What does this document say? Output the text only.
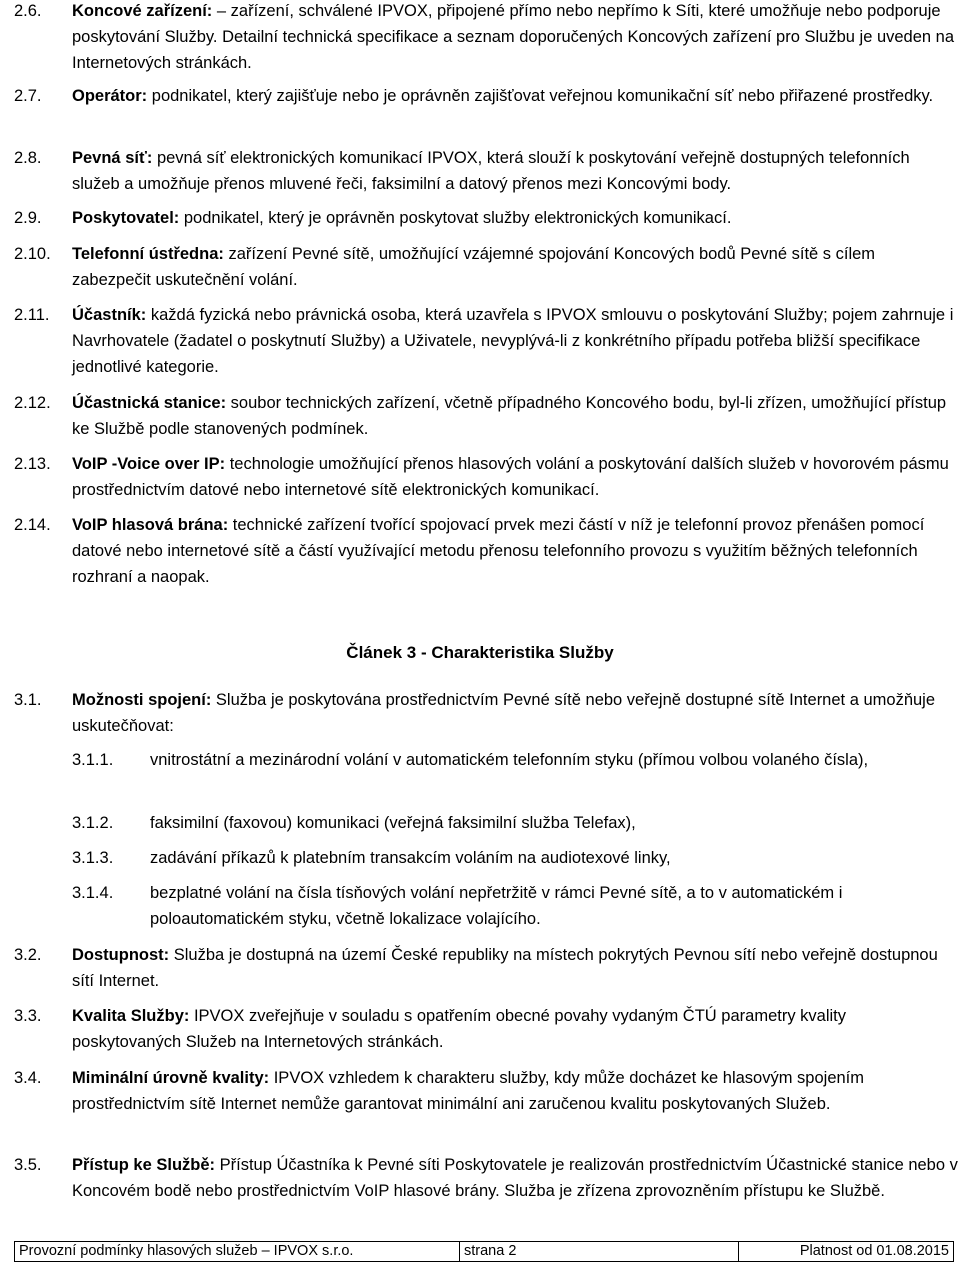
2.6. Koncové zařízení: – zařízení, schválené IPVOX, připojené přímo nebo nepřímo k Síti, které umožňuje nebo podporuje poskytování Služby. Detailní technická specifikace a seznam doporučených Koncových zařízení pro Službu je uveden na Internetových stránkách.
2.7. Operátor: podnikatel, který zajišťuje nebo je oprávněn zajišťovat veřejnou komunikační síť nebo přiřazené prostředky.
2.8. Pevná síť: pevná síť elektronických komunikací IPVOX, která slouží k poskytování veřejně dostupných telefonních služeb a umožňuje přenos mluvené řeči, faksimilní a datový přenos mezi Koncovými body.
2.9. Poskytovatel: podnikatel, který je oprávněn poskytovat služby elektronických komunikací.
2.10. Telefonní ústředna: zařízení Pevné sítě, umožňující vzájemné spojování Koncových bodů Pevné sítě s cílem zabezpečit uskutečnění volání.
2.11. Účastník: každá fyzická nebo právnická osoba, která uzavřela s IPVOX smlouvu o poskytování Služby; pojem zahrnuje i Navrhovatele (žadatel o poskytnutí Služby) a Uživatele, nevyplývá-li z konkrétního případu potřeba bližší specifikace jednotlivé kategorie.
2.12. Účastnická stanice: soubor technických zařízení, včetně případného Koncového bodu, byl-li zřízen, umožňující přístup ke Službě podle stanovených podmínek.
2.13. VoIP -Voice over IP: technologie umožňující přenos hlasových volání a poskytování dalších služeb v hovorovém pásmu prostřednictvím datové nebo internetové sítě elektronických komunikací.
2.14. VoIP hlasová brána: technické zařízení tvořící spojovací prvek mezi částí v níž je telefonní provoz přenášen pomocí datové nebo internetové sítě a částí využívající metodu přenosu telefonního provozu s využitím běžných telefonních rozhraní a naopak.
Článek 3 - Charakteristika Služby
3.1. Možnosti spojení: Služba je poskytována prostřednictvím Pevné sítě nebo veřejně dostupné sítě Internet a umožňuje uskutečňovat:
3.1.1. vnitrostátní a mezinárodní volání v automatickém telefonním styku (přímou volbou volaného čísla),
3.1.2. faksimilní (faxovou) komunikaci (veřejná faksimilní služba Telefax),
3.1.3. zadávání příkazů k platebním transakcím voláním na audiotexové linky,
3.1.4. bezplatné volání na čísla tísňových volání nepřetržitě v rámci Pevné sítě, a to v automatickém i poloautomatickém styku, včetně lokalizace volajícího.
3.2. Dostupnost: Služba je dostupná na území České republiky na místech pokrytých Pevnou sítí nebo veřejně dostupnou sítí Internet.
3.3. Kvalita Služby: IPVOX zveřejňuje v souladu s opatřením obecné povahy vydaným ČTÚ parametry kvality poskytovaných Služeb na Internetových stránkách.
3.4. Miminální úrovně kvality: IPVOX vzhledem k charakteru služby, kdy může docházet ke hlasovým spojením prostřednictvím sítě Internet nemůže garantovat minimální ani zaručenou kvalitu poskytovaných Služeb.
3.5. Přístup ke Službě: Přístup Účastníka k Pevné síti Poskytovatele je realizován prostřednictvím Účastnické stanice nebo v Koncovém bodě nebo prostřednictvím VoIP hlasové brány. Služba je zřízena zprovozněním přístupu ke Službě.
Provozní podmínky hlasových služeb – IPVOX s.r.o.	strana 2	Platnost od 01.08.2015
